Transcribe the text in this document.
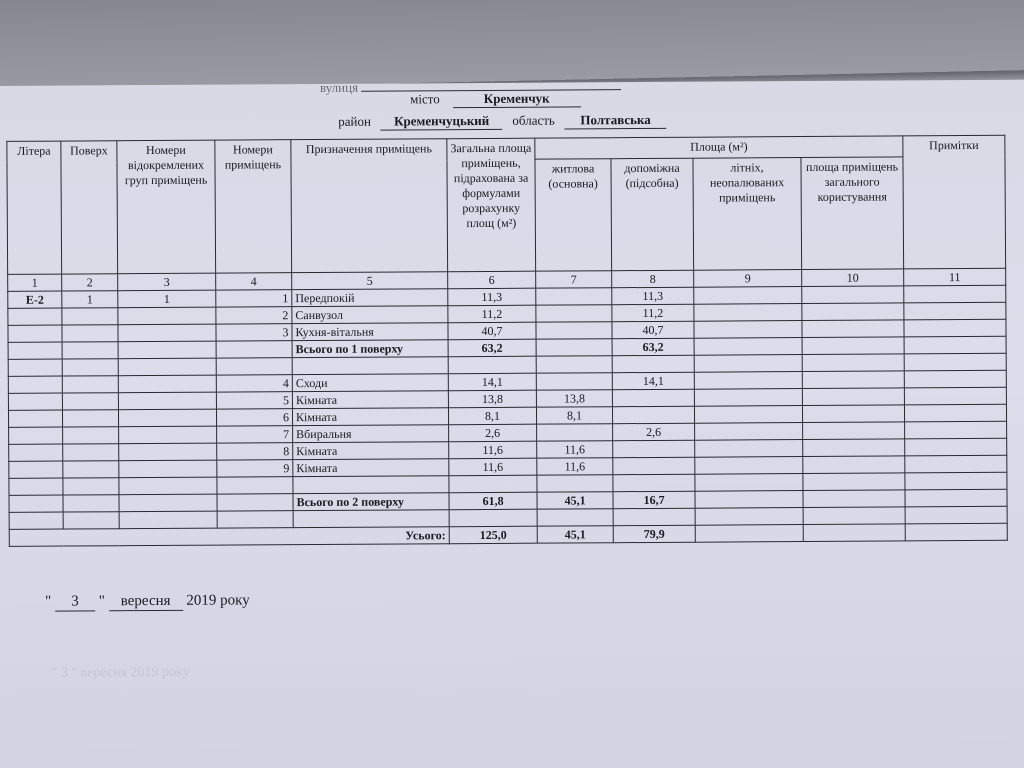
вулиця
місто	Кременчук
район Кременчуцький область Полтавська
Літера	Поверх	Номери відокремлених груп приміщень	Номери приміщень	Призначення приміщень	Загальна площа приміщень, підрахована за формулами розрахунку площ (м²)	Площа (м²)				Примітки
						житлова (основна)	допоміжна (підсобна)	літніх, неопалюваних приміщень	площа приміщень загального користування	
1	2	3	4	5	6	7	8	9	10	11
Е-2	1	1	1	Передпокій	11,3		11,3			
			2	Санвузол	11,2		11,2			
			3	Кухня-вітальня	40,7		40,7			
				Всього по 1 поверху	63,2		63,2			

			4	Сходи	14,1		14,1			
			5	Кімната	13,8	13,8				
			6	Кімната	8,1	8,1				
			7	Вбиральня	2,6		2,6			
			8	Кімната	11,6	11,6				
			9	Кімната	11,6	11,6				

				Всього по 2 поверху	61,8	45,1	16,7			

Усього:					125,0	45,1	79,9			
" 3 " вересня 2019 року
" 3 " вересня 2019 року
